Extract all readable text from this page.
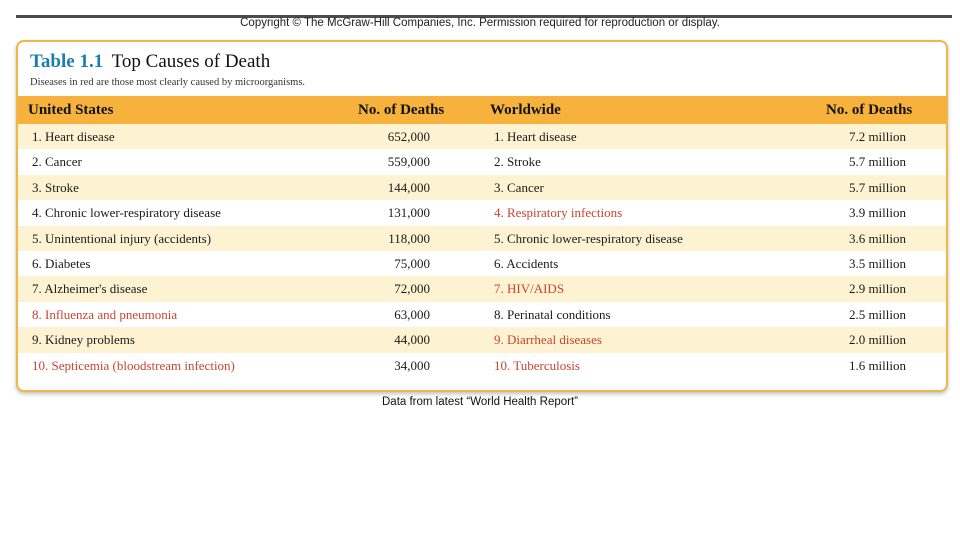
Copyright © The McGraw-Hill Companies, Inc. Permission required for reproduction or display.
Table 1.1 Top Causes of Death
Diseases in red are those most clearly caused by microorganisms.
United States	No. of Deaths	Worldwide	No. of Deaths
1. Heart disease	652,000	1. Heart disease	7.2 million
2. Cancer	559,000	2. Stroke	5.7 million
3. Stroke	144,000	3. Cancer	5.7 million
4. Chronic lower-respiratory disease	131,000	4. Respiratory infections	3.9 million
5. Unintentional injury (accidents)	118,000	5. Chronic lower-respiratory disease	3.6 million
6. Diabetes	75,000	6. Accidents	3.5 million
7. Alzheimer's disease	72,000	7. HIV/AIDS	2.9 million
8. Influenza and pneumonia	63,000	8. Perinatal conditions	2.5 million
9. Kidney problems	44,000	9. Diarrheal diseases	2.0 million
10. Septicemia (bloodstream infection)	34,000	10. Tuberculosis	1.6 million
Data from latest “World Health Report”
